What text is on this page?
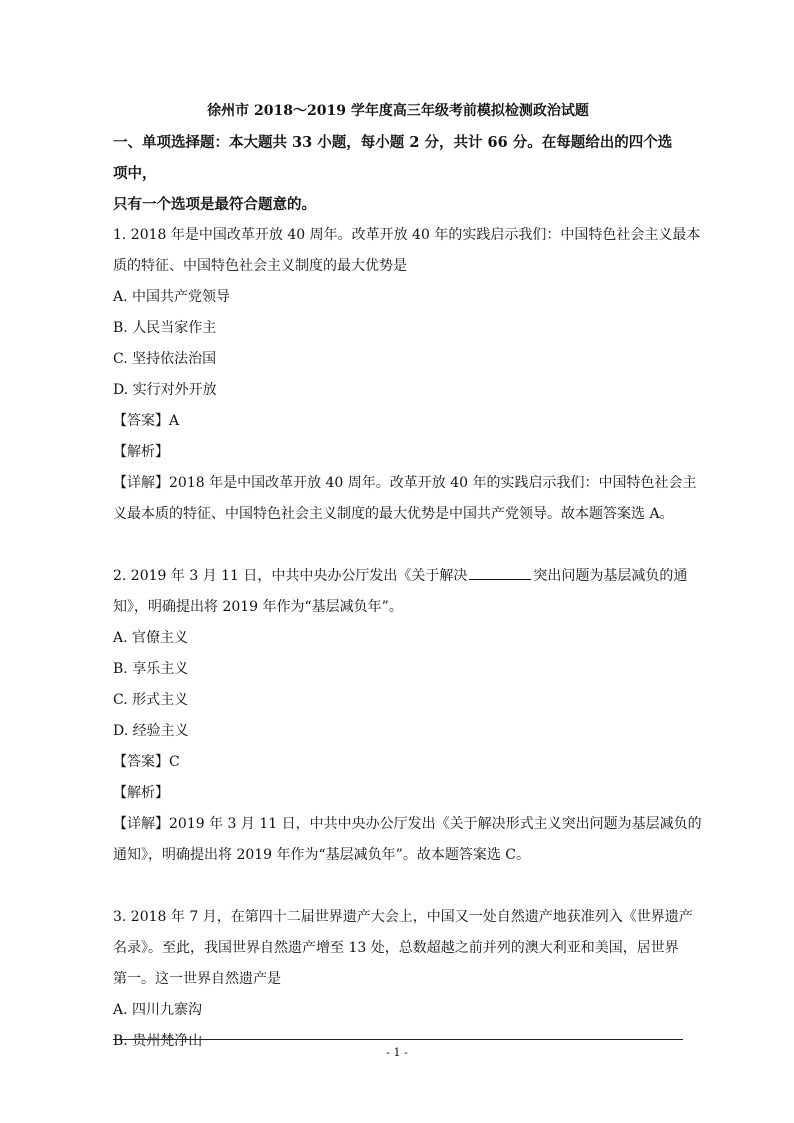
徐州市 2018～2019 学年度高三年级考前模拟检测政治试题

一、单项选择题：本大题共 33 小题，每小题 2 分，共计 66 分。在每题给出的四个选项中，

只有一个选项是最符合题意的。

1. 2018 年是中国改革开放 40 周年。改革开放 40 年的实践启示我们：中国特色社会主义最本

质的特征、中国特色社会主义制度的最大优势是

A. 中国共产党领导

B. 人民当家作主

C. 坚持依法治国

D. 实行对外开放

【答案】A

【解析】

【详解】2018 年是中国改革开放 40 周年。改革开放 40 年的实践启示我们：中国特色社会主

义最本质的特征、中国特色社会主义制度的最大优势是中国共产党领导。故本题答案选 A。

2. 2019 年 3 月 11 日，中共中央办公厅发出《关于解决	突出问题为基层减负的通

知》，明确提出将 2019 年作为“基层减负年”。

A. 官僚主义

B. 享乐主义

C. 形式主义

D. 经验主义

【答案】C

【解析】

【详解】2019 年 3 月 11 日，中共中央办公厅发出《关于解决形式主义突出问题为基层减负的

通知》，明确提出将 2019 年作为“基层减负年”。故本题答案选 C。

3. 2018 年 7 月，在第四十二届世界遗产大会上，中国又一处自然遗产地获准列入《世界遗产

名录》。至此，我国世界自然遗产增至 13 处，总数超越之前并列的澳大利亚和美国，居世界

第一。这一世界自然遗产是

A. 四川九寨沟

B. 贵州梵净山

- 1 -
